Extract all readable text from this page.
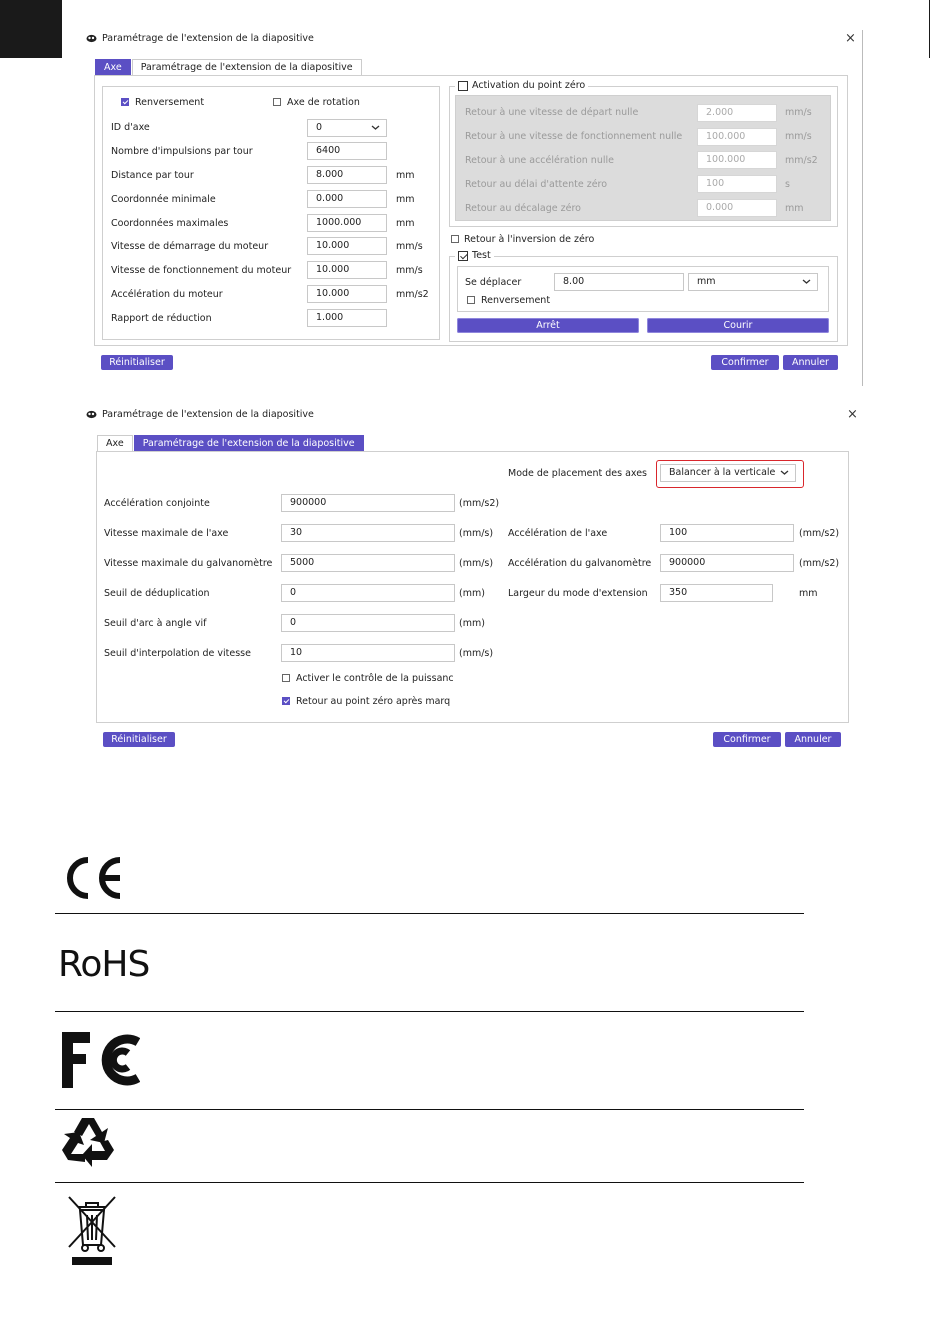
Paramétrage de l'extension de la diapositive	×
Axe	Paramétrage de l'extension de la diapositive
Renversement	Axe de rotation
ID d'axe	0
Nombre d'impulsions par tour	6400
Distance par tour	8.000	mm
Coordonnée minimale	0.000	mm
Coordonnées maximales	1000.000	mm
Vitesse de démarrage du moteur	10.000	mm/s
Vitesse de fonctionnement du moteur	10.000	mm/s
Accélération du moteur	10.000	mm/s2
Rapport de réduction	1.000
Activation du point zéro
Retour à une vitesse de départ nulle	2.000	mm/s
Retour à une vitesse de fonctionnement nulle	100.000	mm/s
Retour à une accélération nulle	100.000	mm/s2
Retour au délai d'attente zéro	100	s
Retour au décalage zéro	0.000	mm
Retour à l'inversion de zéro
Test
Se déplacer	8.00	mm
Renversement
Arrêt	Courir
Réinitialiser	Confirmer	Annuler
Paramétrage de l'extension de la diapositive	×
Axe	Paramétrage de l'extension de la diapositive
Mode de placement des axes	Balancer à la verticale
Accélération conjointe	900000	(mm/s2)
Vitesse maximale de l'axe	30	(mm/s)
Vitesse maximale du galvanomètre	5000	(mm/s)
Seuil de déduplication	0	(mm)
Seuil d'arc à angle vif	0	(mm)
Seuil d'interpolation de vitesse	10	(mm/s)
Accélération de l'axe	100	(mm/s2)
Accélération du galvanomètre	900000	(mm/s2)
Largeur du mode d'extension	350	mm
Activer le contrôle de la puissanc
Retour au point zéro après marq
Réinitialiser	Confirmer	Annuler
RoHS
